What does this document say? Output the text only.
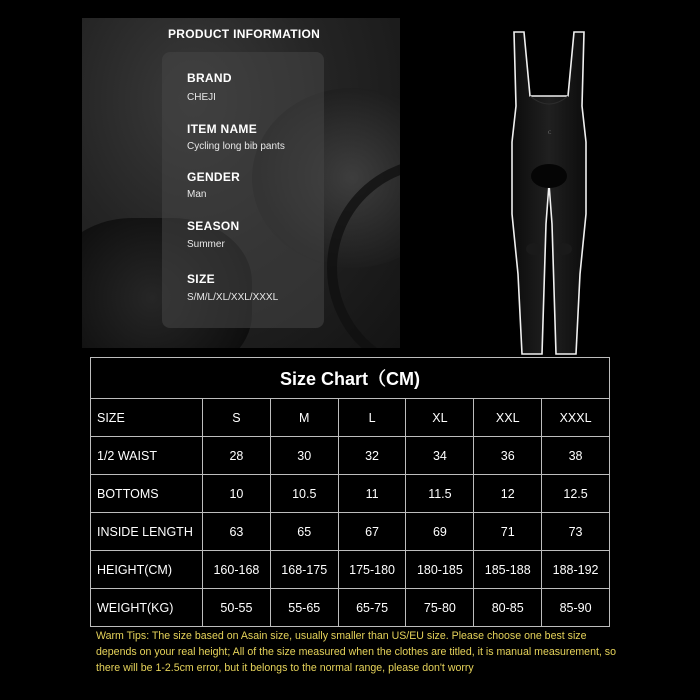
PRODUCT INFORMATION
BRAND
CHEJI
ITEM NAME
Cycling long bib pants
GENDER
Man
SEASON
Summer
SIZE
S/M/L/XL/XXL/XXXL
C
Size Chart（CM)						
SIZE	S	M	L	XL	XXL	XXXL
1/2 WAIST	28	30	32	34	36	38
BOTTOMS	10	10.5	11	11.5	12	12.5
INSIDE LENGTH	63	65	67	69	71	73
HEIGHT(CM)	160-168	168-175	175-180	180-185	185-188	188-192
WEIGHT(KG)	50-55	55-65	65-75	75-80	80-85	85-90
Warm Tips: The size based on Asain size, usually smaller than US/EU size. Please choose one best size depends on your real height; All of the size measured when the clothes are titled, it is manual measurement, so there will be 1-2.5cm error, but it belongs to the normal range, please don't worry
